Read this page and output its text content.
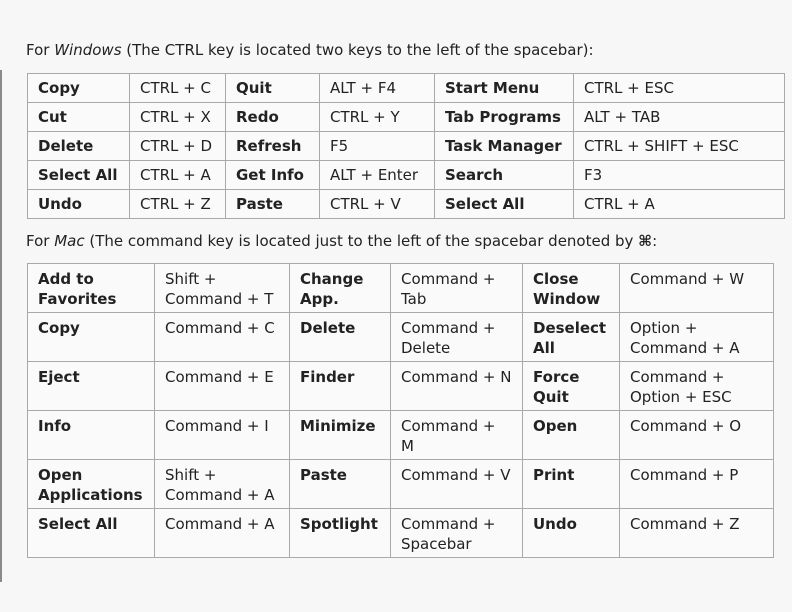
For Windows (The CTRL key is located two keys to the left of the spacebar):
Copy	CTRL + C	Quit	ALT + F4	Start Menu	CTRL + ESC
Cut	CTRL + X	Redo	CTRL + Y	Tab Programs	ALT + TAB
Delete	CTRL + D	Refresh	F5	Task Manager	CTRL + SHIFT + ESC
Select All	CTRL + A	Get Info	ALT + Enter	Search	F3
Undo	CTRL + Z	Paste	CTRL + V	Select All	CTRL + A
For Mac (The command key is located just to the left of the spacebar denoted by ⌘:
Add to Favorites	Shift + Command + T	Change App.	Command + Tab	Close Window	Command + W
Copy	Command + C	Delete	Command + Delete	Deselect All	Option + Command + A
Eject	Command + E	Finder	Command + N	Force Quit	Command + Option + ESC
Info	Command + I	Minimize	Command + M	Open	Command + O
Open Applications	Shift + Command + A	Paste	Command + V	Print	Command + P
Select All	Command + A	Spotlight	Command + Spacebar	Undo	Command + Z
